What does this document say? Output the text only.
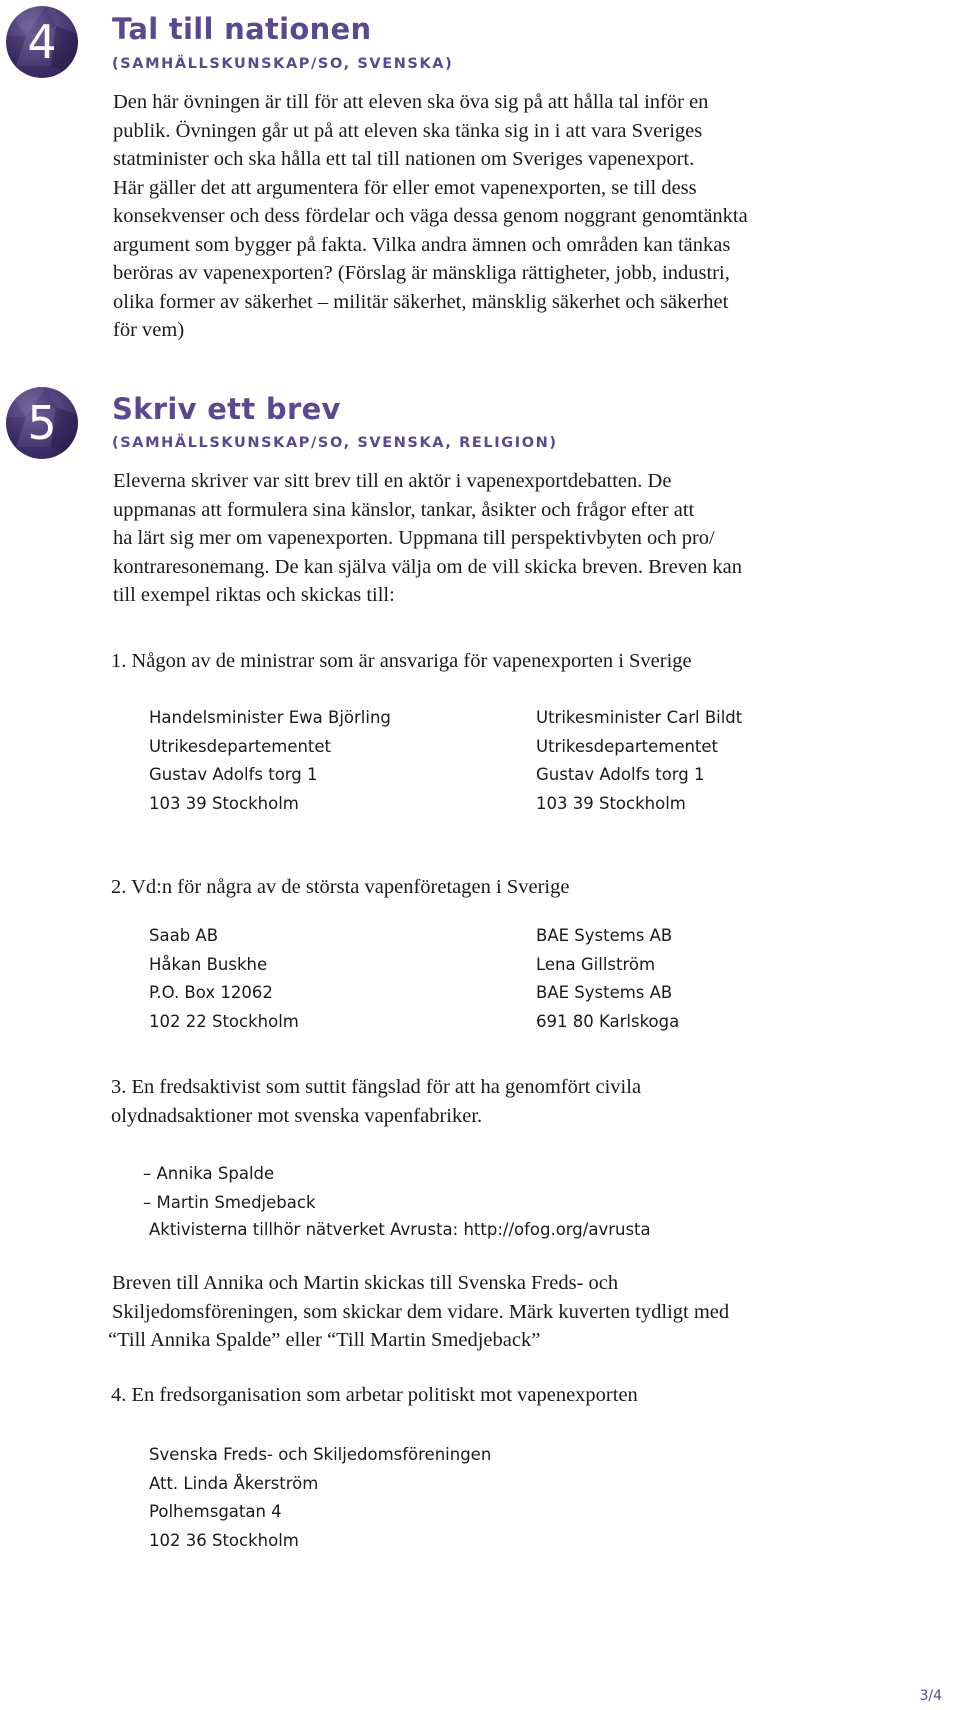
4	Tal till nationen
(SAMHÄLLSKUNSKAP/SO, SVENSKA)

Den här övningen är till för att eleven ska öva sig på att hålla tal inför en
publik. Övningen går ut på att eleven ska tänka sig in i att vara Sveriges
statminister och ska hålla ett tal till nationen om Sveriges vapenexport.
Här gäller det att argumentera för eller emot vapenexporten, se till dess
konsekvenser och dess fördelar och väga dessa genom noggrant genomtänkta
argument som bygger på fakta. Vilka andra ämnen och områden kan tänkas
beröras av vapenexporten? (Förslag är mänskliga rättigheter, jobb, industri,
olika former av säkerhet – militär säkerhet, mänsklig säkerhet och säkerhet
för vem)

5	Skriv ett brev
(SAMHÄLLSKUNSKAP/SO, SVENSKA, RELIGION)

Eleverna skriver var sitt brev till en aktör i vapenexportdebatten. De
uppmanas att formulera sina känslor, tankar, åsikter och frågor efter att
ha lärt sig mer om vapenexporten. Uppmana till perspektivbyten och pro/
kontraresonemang. De kan själva välja om de vill skicka breven. Breven kan
till exempel riktas och skickas till:

1. Någon av de ministrar som är ansvariga för vapenexporten i Sverige

Handelsminister Ewa Björling
Utrikesdepartementet
Gustav Adolfs torg 1
103 39 Stockholm
Utrikesminister Carl Bildt
Utrikesdepartementet
Gustav Adolfs torg 1
103 39 Stockholm

2. Vd:n för några av de största vapenföretagen i Sverige

Saab AB
Håkan Buskhe
P.O. Box 12062
102 22 Stockholm
BAE Systems AB
Lena Gillström
BAE Systems AB
691 80 Karlskoga

3. En fredsaktivist som suttit fängslad för att ha genomfört civila
olydnadsaktioner mot svenska vapenfabriker.

– Annika Spalde
– Martin Smedjeback
Aktivisterna tillhör nätverket Avrusta: http://ofog.org/avrusta

Breven till Annika och Martin skickas till Svenska Freds- och
Skiljedomsföreningen, som skickar dem vidare. Märk kuverten tydligt med
“Till Annika Spalde” eller “Till Martin Smedjeback”

4. En fredsorganisation som arbetar politiskt mot vapenexporten

Svenska Freds- och Skiljedomsföreningen
Att. Linda Åkerström
Polhemsgatan 4
102 36 Stockholm
3/4
